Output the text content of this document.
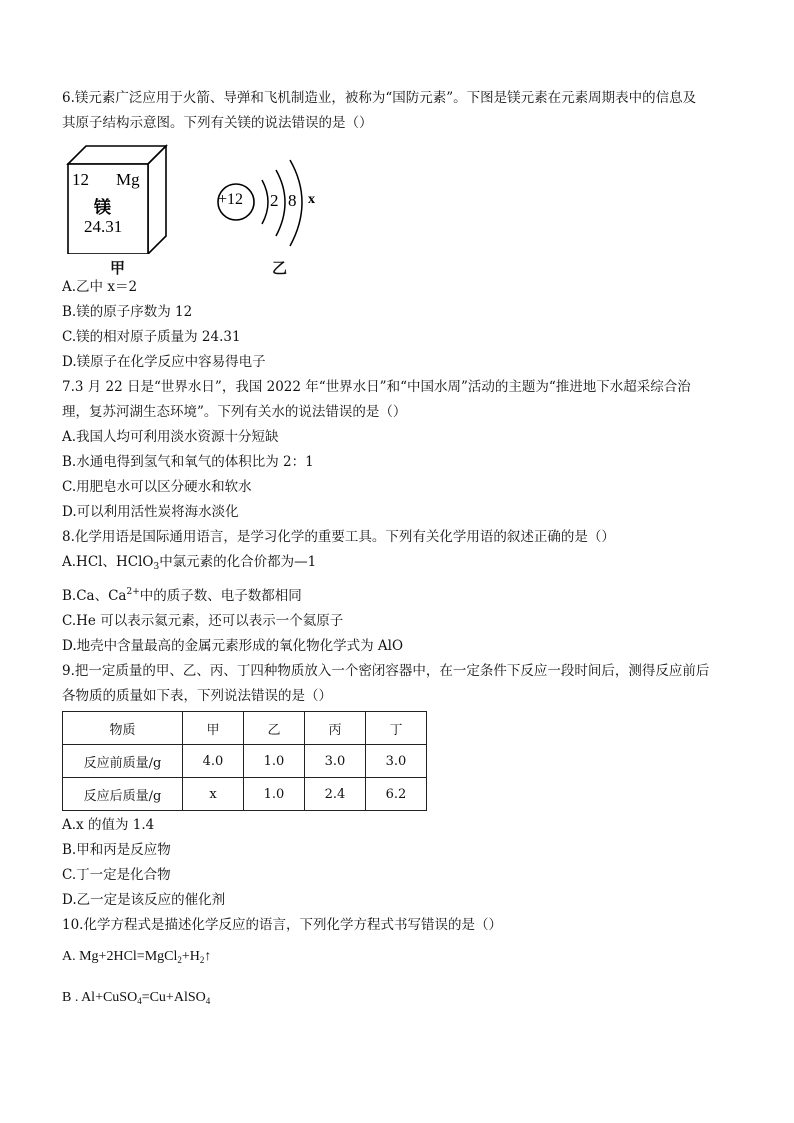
6.镁元素广泛应用于火箭、导弹和飞机制造业，被称为“国防元素”。下图是镁元素在元素周期表中的信息及
其原子结构示意图。下列有关镁的说法错误的是（）
12 Mg
镁
24.31
甲
+12 2 8 x
乙
A.乙中 x＝2
B.镁的原子序数为 12
C.镁的相对原子质量为 24.31
D.镁原子在化学反应中容易得电子
7.3 月 22 日是“世界水日”，我国 2022 年“世界水日”和“中国水周”活动的主题为“推进地下水超采综合治
理，复苏河湖生态环境”。下列有关水的说法错误的是（）
A.我国人均可利用淡水资源十分短缺
B.水通电得到氢气和氧气的体积比为 2：1
C.用肥皂水可以区分硬水和软水
D.可以利用活性炭将海水淡化
8.化学用语是国际通用语言，是学习化学的重要工具。下列有关化学用语的叙述正确的是（）
A.HCl、HClO$_3$中氯元素的化合价都为—1
B.Ca、$Ca^{2+}$中的质子数、电子数都相同
C.He 可以表示氦元素，还可以表示一个氦原子
D.地壳中含量最高的金属元素形成的氧化物化学式为 AlO
9.把一定质量的甲、乙、丙、丁四种物质放入一个密闭容器中，在一定条件下反应一段时间后，测得反应前后
各物质的质量如下表，下列说法错误的是（）
物质	甲	乙	丙	丁
反应前质量/g	4.0	1.0	3.0	3.0
反应后质量/g	x	1.0	2.4	6.2
A.x 的值为 1.4
B.甲和丙是反应物
C.丁一定是化合物
D.乙一定是该反应的催化剂
10.化学方程式是描述化学反应的语言，下列化学方程式书写错误的是（）
A. $Mg+2HCl=MgCl_2+H_2↑$
B . Al+CuSO$_4$=Cu+AlSO$_4$
